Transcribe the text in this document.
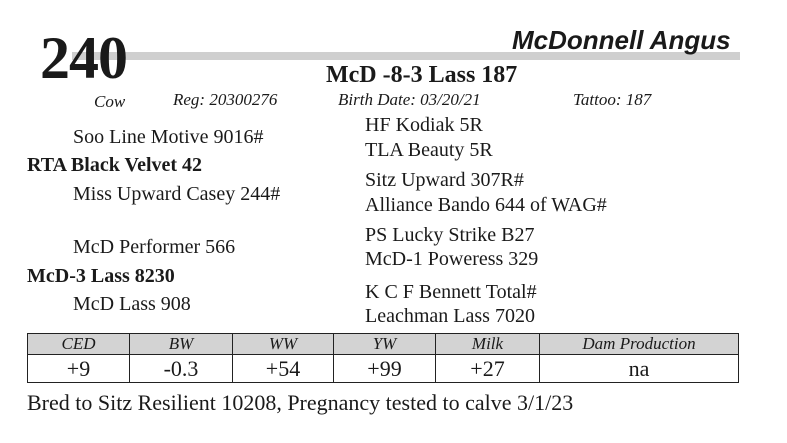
240	McDonnell Angus
McD -8-3 Lass 187
Cow	Reg: 20300276	Birth Date: 03/20/21	Tattoo: 187
Soo Line Motive 9016#
RTA Black Velvet 42
Miss Upward Casey 244#
McD Performer 566
McD-3 Lass 8230
McD Lass 908
HF Kodiak 5R
TLA Beauty 5R
Sitz Upward 307R#
Alliance Bando 644 of WAG#
PS Lucky Strike B27
McD-1 Poweress 329
K C F Bennett Total#
Leachman Lass 7020
CED	BW	WW	YW	Milk	Dam Production
+9	-0.3	+54	+99	+27	na
Bred to Sitz Resilient 10208, Pregnancy tested to calve 3/1/23
